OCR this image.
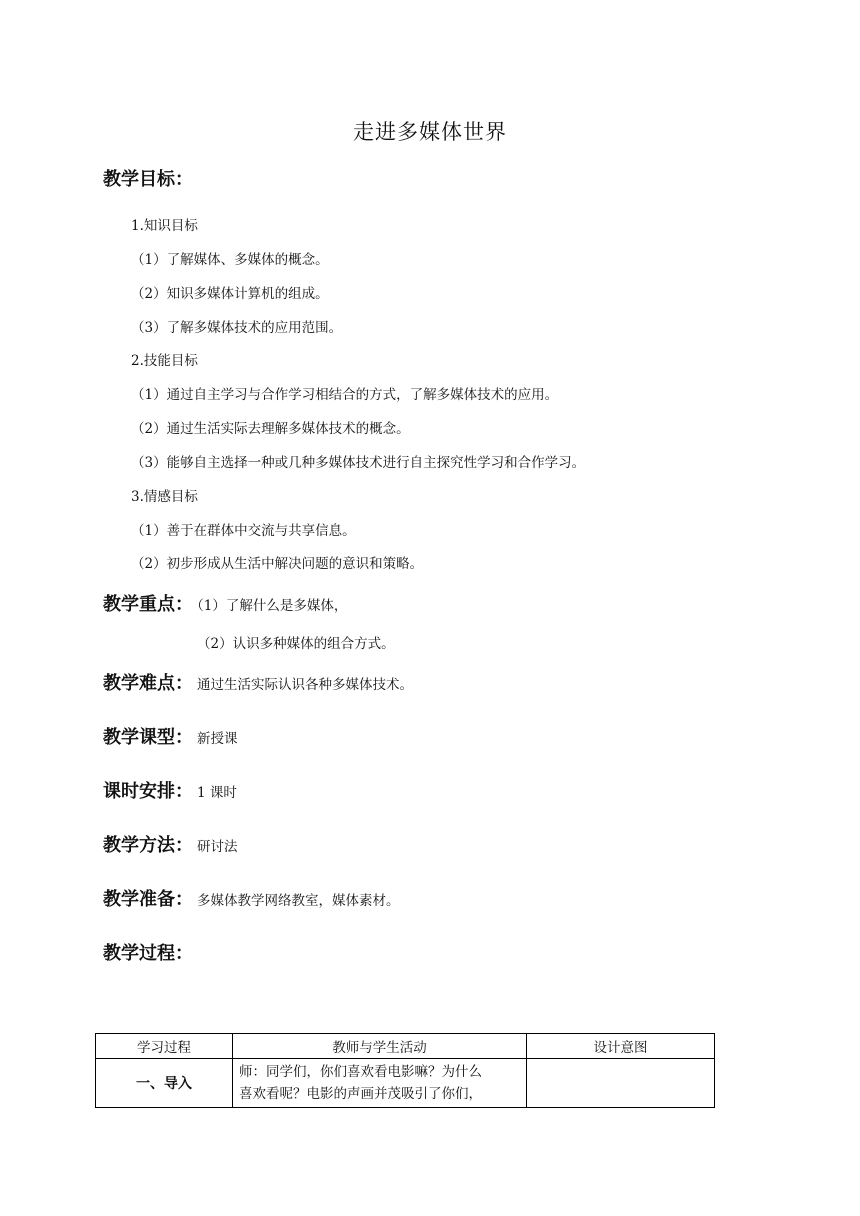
走进多媒体世界
教学目标：
1.知识目标
（1）了解媒体、多媒体的概念。
（2）知识多媒体计算机的组成。
（3）了解多媒体技术的应用范围。
2.技能目标
（1）通过自主学习与合作学习相结合的方式，了解多媒体技术的应用。
（2）通过生活实际去理解多媒体技术的概念。
（3）能够自主选择一种或几种多媒体技术进行自主探究性学习和合作学习。
3.情感目标
（1）善于在群体中交流与共享信息。
（2）初步形成从生活中解决问题的意识和策略。
教学重点： （1）了解什么是多媒体，
（2）认识多种媒体的组合方式。
教学难点： 通过生活实际认识各种多媒体技术。
教学课型： 新授课
课时安排： 1 课时
教学方法： 研讨法
教学准备： 多媒体教学网络教室，媒体素材。
教学过程：
学习过程	教师与学生活动	设计意图
一、导入	师：同学们，你们喜欢看电影嘛？为什么
喜欢看呢？电影的声画并茂吸引了你们，	
